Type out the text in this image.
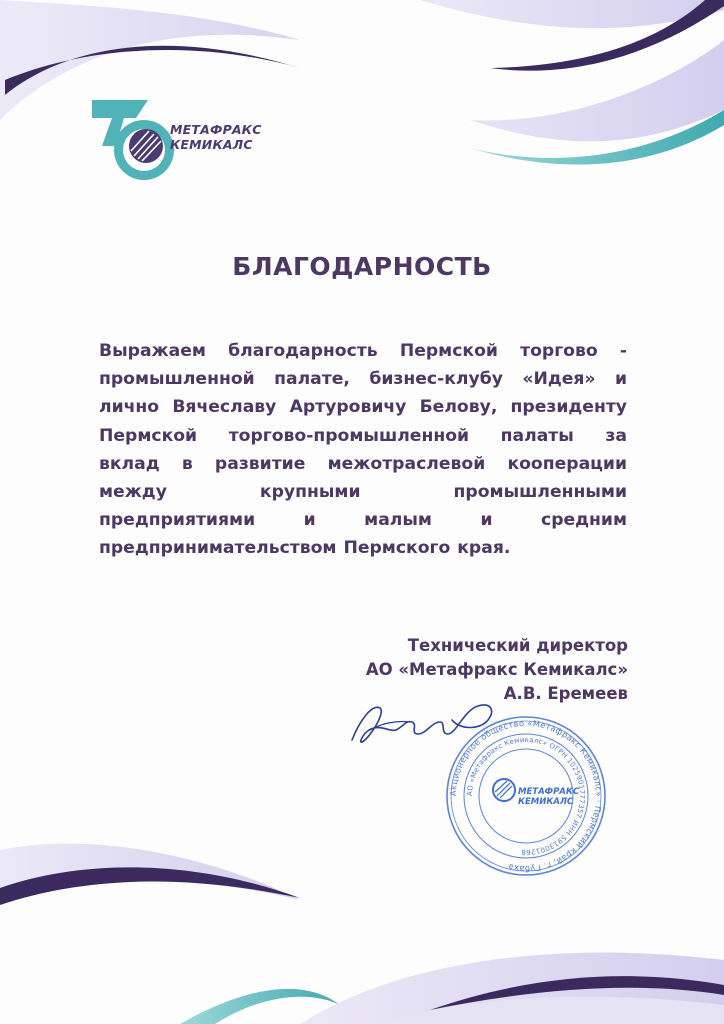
МЕТАФРАКС
КЕМИКАЛС
БЛАГОДАРНОСТЬ
Выражаем благодарность Пермской торгово -
промышленной палате, бизнес-клубу «Идея» и
лично Вячеславу Артуровичу Белову, президенту
Пермской торгово-промышленной палаты за
вклад в развитие межотраслевой кооперации
между крупными промышленными
предприятиями и малым и средним
предпринимательством Пермского края.
Технический директор
АО «Метафракс Кемикалс»
А.В. Еремеев
Акционерное общество «Метафракс Кемикалс» · Пермский край, г. Губаха
АО «Метафракс Кемикалс» ОГРН 1025901777357 ИНН 5913001268
МЕТАФРАКС
КЕМИКАЛС
